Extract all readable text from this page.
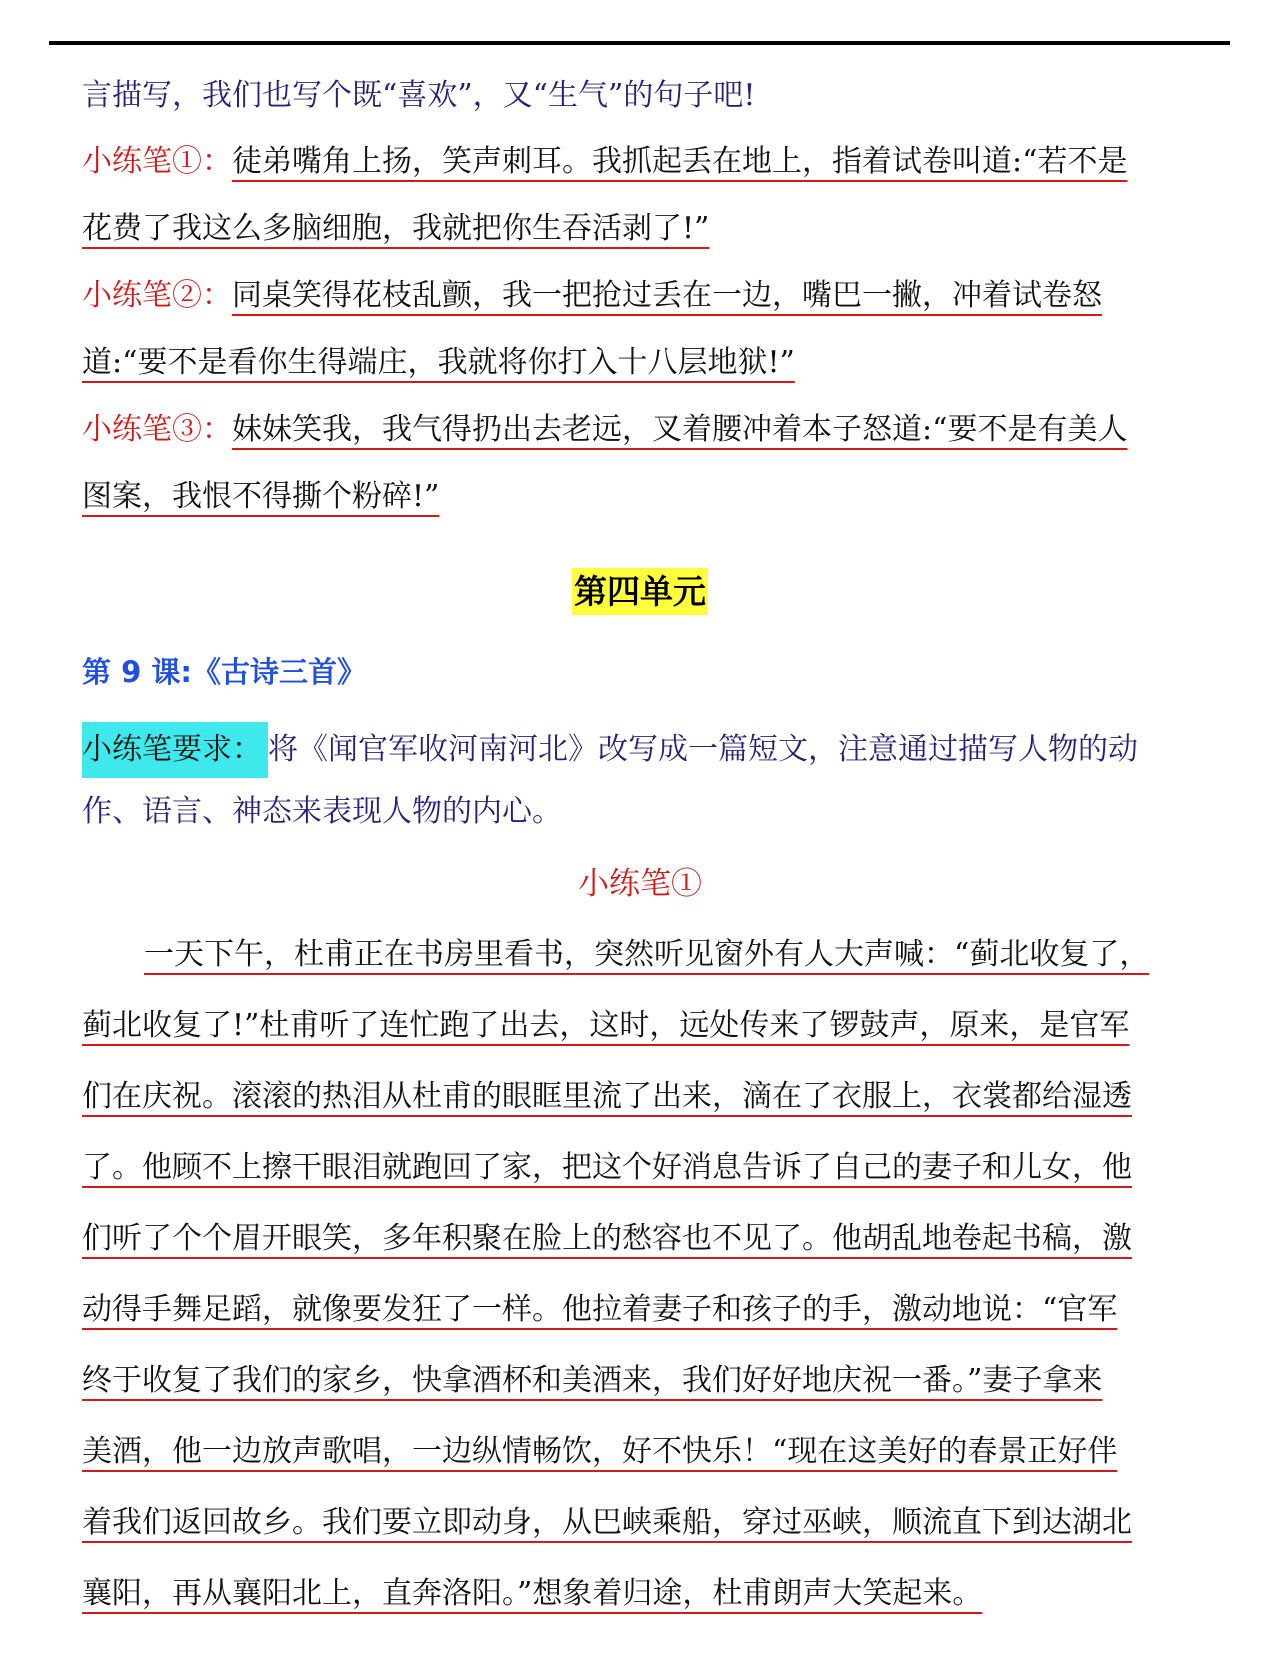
言描写，我们也写个既“喜欢”，又“生气”的句子吧!
小练笔①：徒弟嘴角上扬，笑声刺耳。我抓起丢在地上，指着试卷叫道:“若不是
花费了我这么多脑细胞，我就把你生吞活剥了!”
小练笔②：同桌笑得花枝乱颤，我一把抢过丢在一边，嘴巴一撇，冲着试卷怒
道:“要不是看你生得端庄，我就将你打入十八层地狱!”
小练笔③：妹妹笑我，我气得扔出去老远，叉着腰冲着本子怒道:“要不是有美人
图案，我恨不得撕个粉碎!”
第四单元
第 9 课:《古诗三首》
小练笔要求： 将《闻官军收河南河北》改写成一篇短文，注意通过描写人物的动
作、语言、神态来表现人物的内心。
小练笔①
一天下午，杜甫正在书房里看书，突然听见窗外有人大声喊：“蓟北收复了，
蓟北收复了!”杜甫听了连忙跑了出去，这时，远处传来了锣鼓声，原来，是官军
们在庆祝。滚滚的热泪从杜甫的眼眶里流了出来，滴在了衣服上，衣裳都给湿透
了。他顾不上擦干眼泪就跑回了家，把这个好消息告诉了自己的妻子和儿女，他
们听了个个眉开眼笑，多年积聚在脸上的愁容也不见了。他胡乱地卷起书稿，激
动得手舞足蹈，就像要发狂了一样。他拉着妻子和孩子的手，激动地说：“官军
终于收复了我们的家乡，快拿酒杯和美酒来，我们好好地庆祝一番。”妻子拿来
美酒，他一边放声歌唱，一边纵情畅饮，好不快乐！“现在这美好的春景正好伴
着我们返回故乡。我们要立即动身，从巴峡乘船，穿过巫峡，顺流直下到达湖北
襄阳，再从襄阳北上，直奔洛阳。”想象着归途，杜甫朗声大笑起来。
